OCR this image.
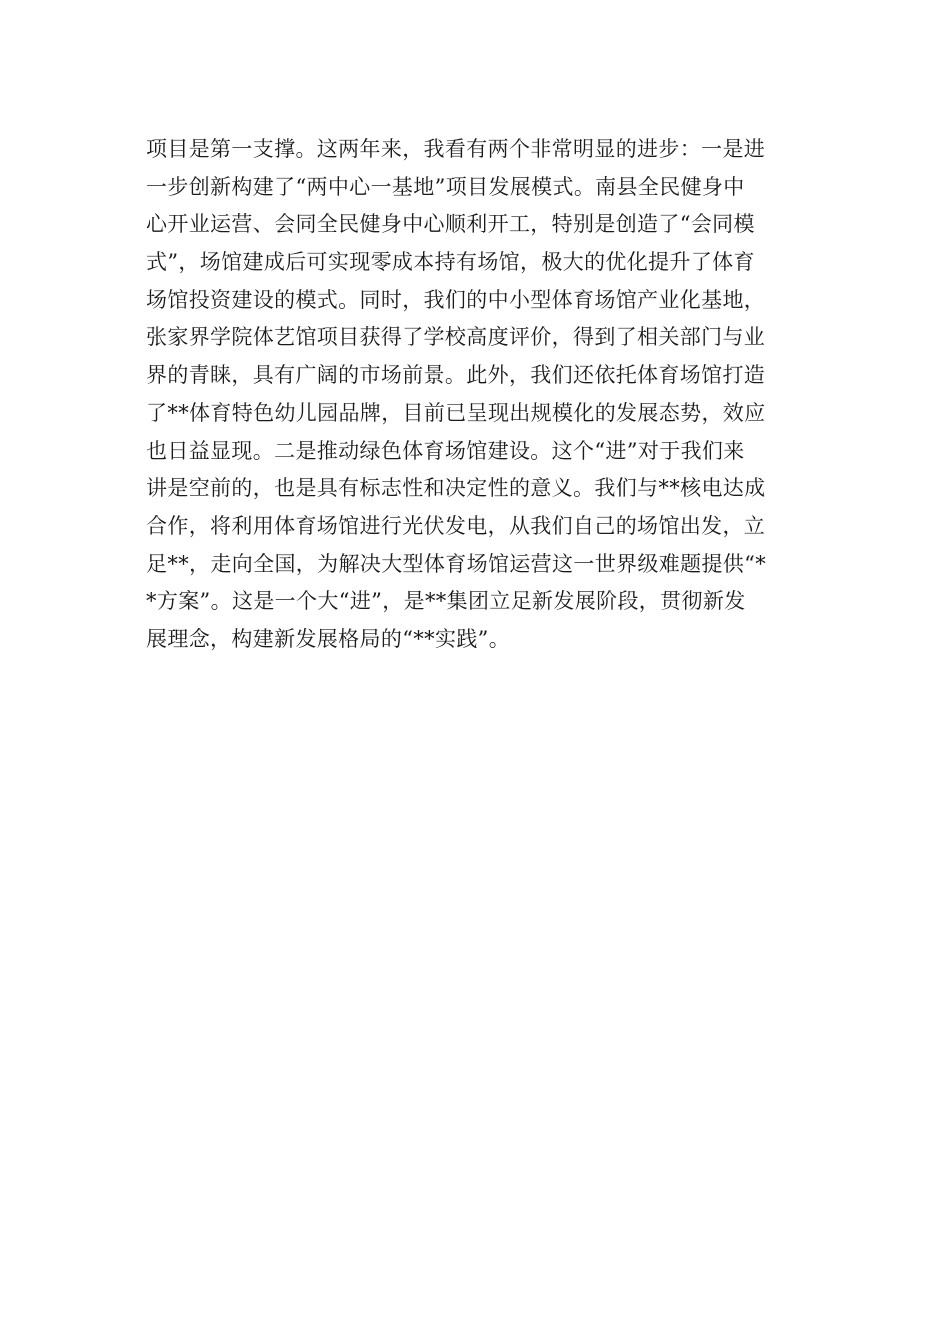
项目是第一支撑。这两年来，我看有两个非常明显的进步：一是进
一步创新构建了“两中心一基地”项目发展模式。南县全民健身中
心开业运营、会同全民健身中心顺利开工，特别是创造了“会同模
式”，场馆建成后可实现零成本持有场馆，极大的优化提升了体育
场馆投资建设的模式。同时，我们的中小型体育场馆产业化基地，
张家界学院体艺馆项目获得了学校高度评价，得到了相关部门与业
界的青睐，具有广阔的市场前景。此外，我们还依托体育场馆打造
了**体育特色幼儿园品牌，目前已呈现出规模化的发展态势，效应
也日益显现。二是推动绿色体育场馆建设。这个“进”对于我们来
讲是空前的，也是具有标志性和决定性的意义。我们与**核电达成
合作，将利用体育场馆进行光伏发电，从我们自己的场馆出发，立
足**，走向全国，为解决大型体育场馆运营这一世界级难题提供“*
*方案”。这是一个大“进”，是**集团立足新发展阶段，贯彻新发
展理念，构建新发展格局的“**实践”。
